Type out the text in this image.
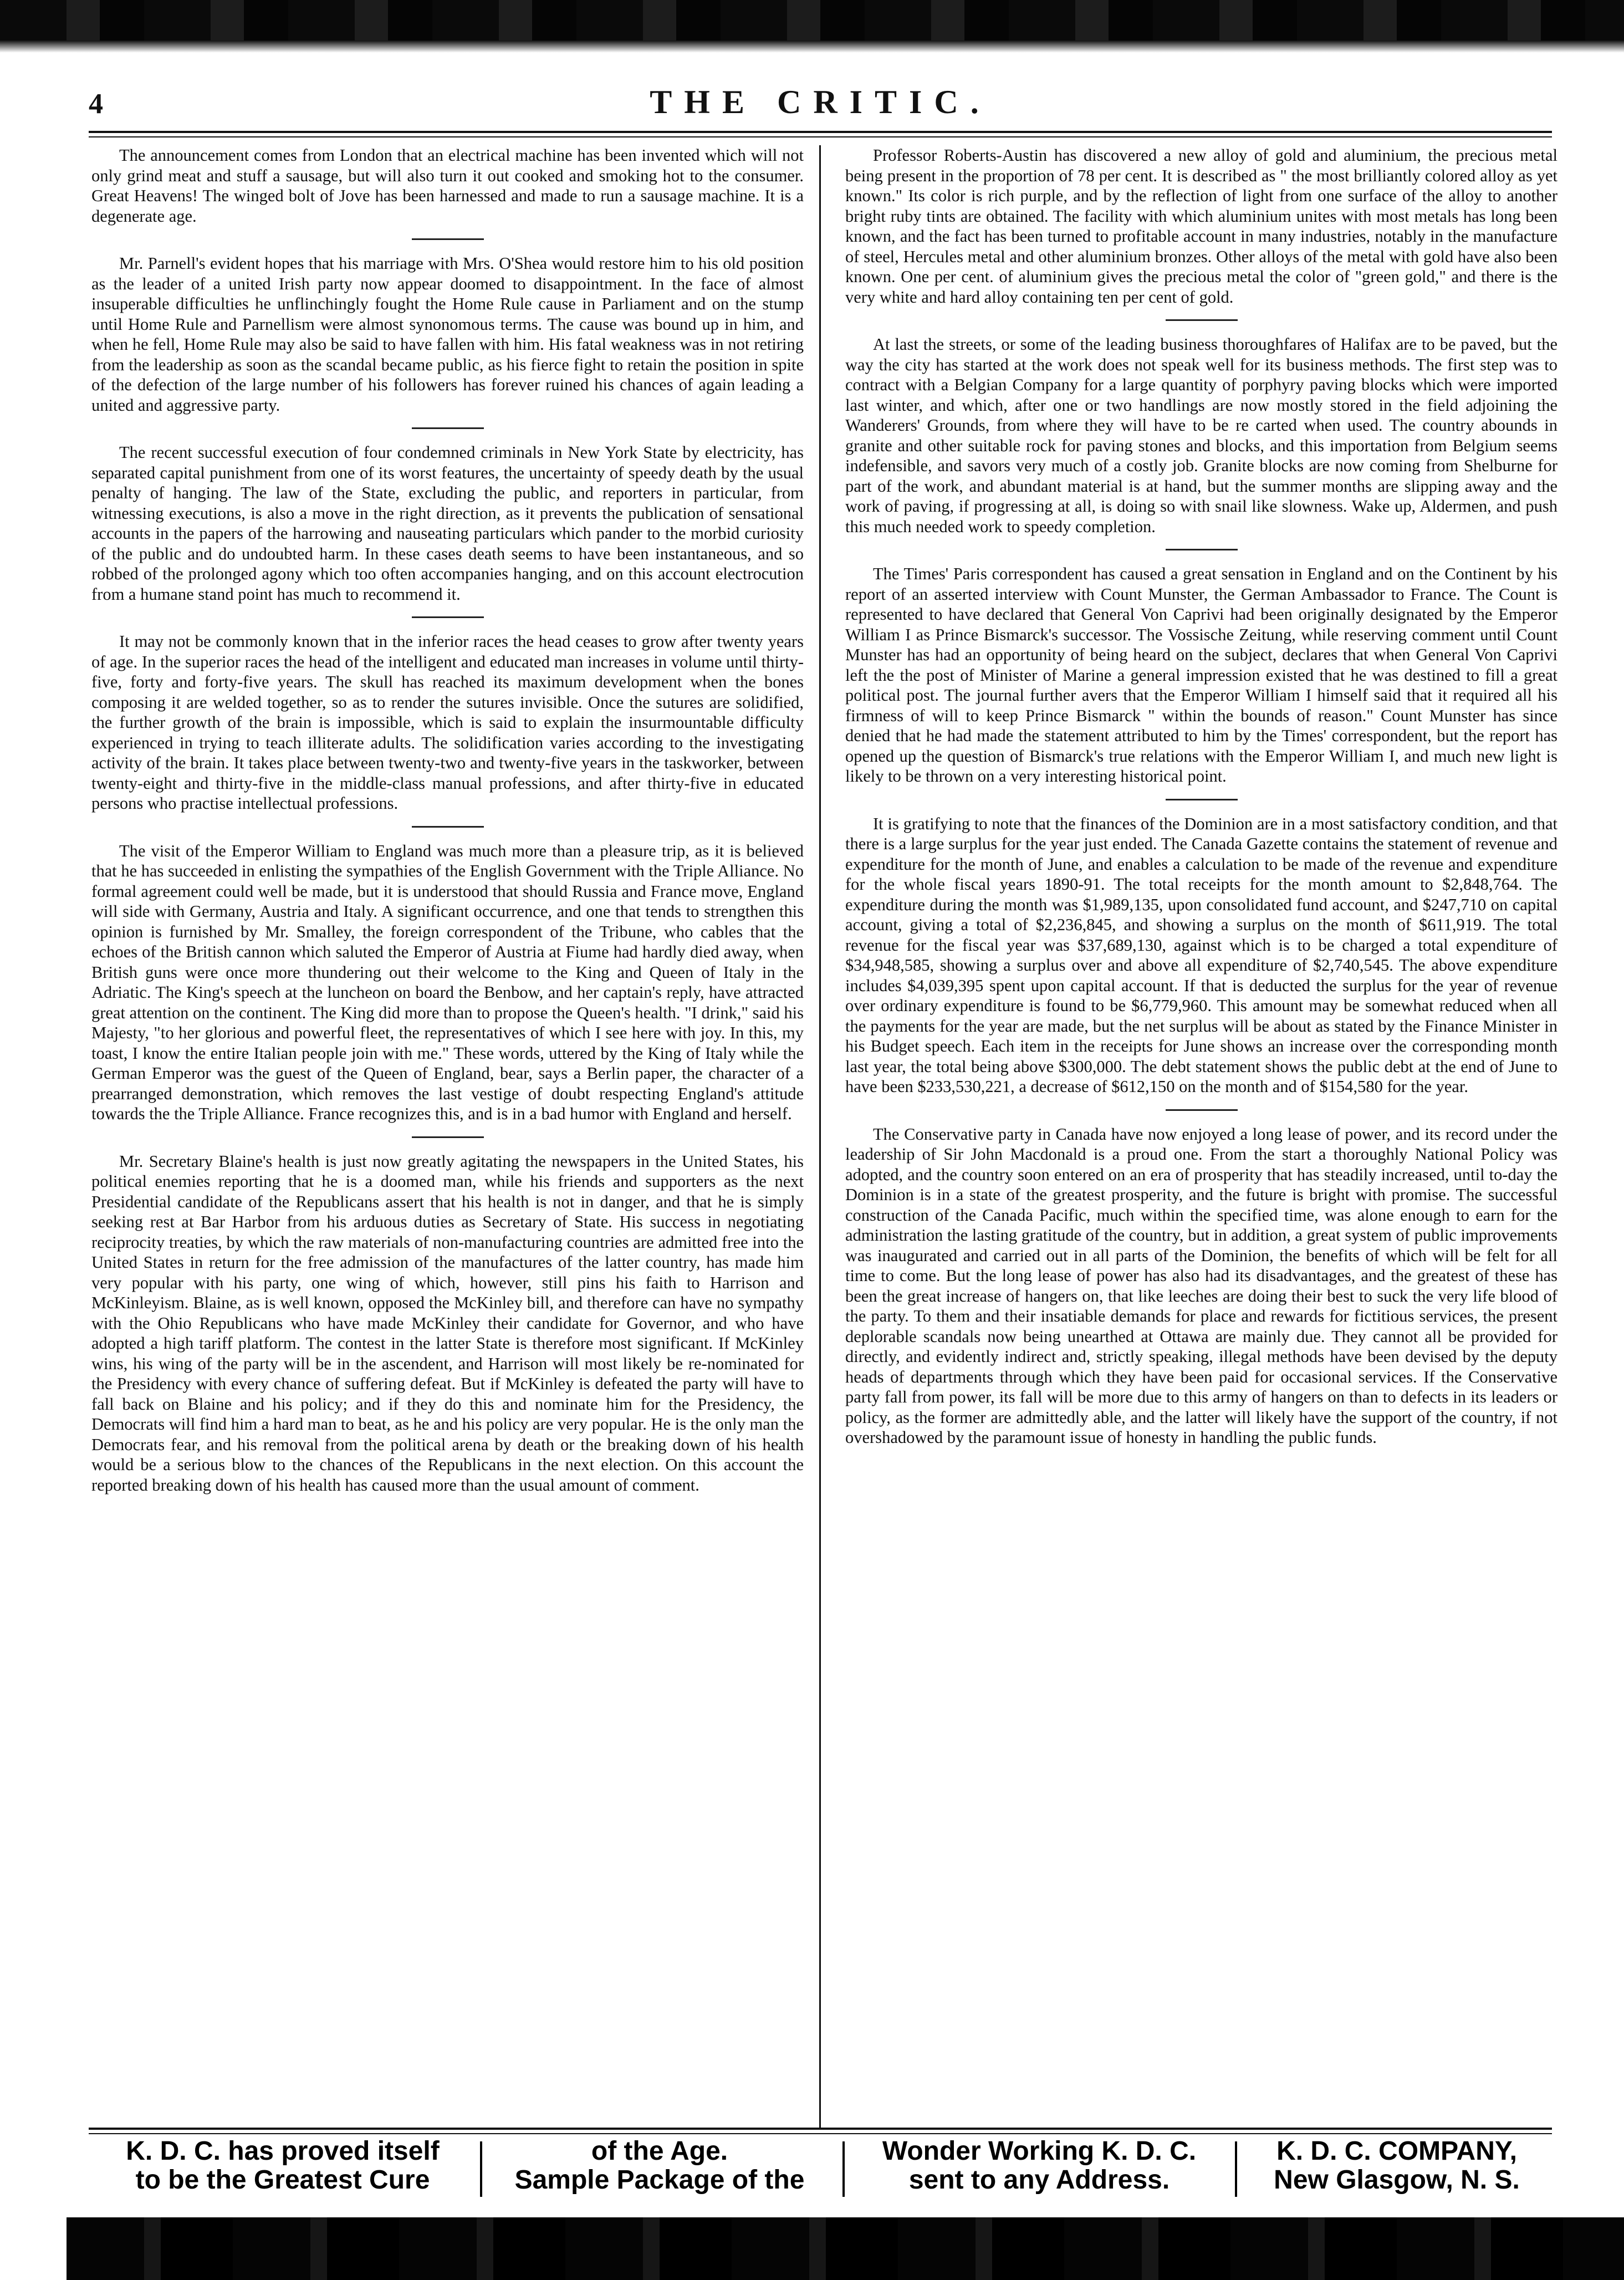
4	THE CRITIC.

The announcement comes from London that an electrical machine has been invented which will not only grind meat and stuff a sausage, but will also turn it out cooked and smoking hot to the consumer. Great Heavens! The winged bolt of Jove has been harnessed and made to run a sausage machine. It is a degenerate age.

Mr. Parnell's evident hopes that his marriage with Mrs. O'Shea would restore him to his old position as the leader of a united Irish party now appear doomed to disappointment. In the face of almost insuperable difficulties he unflinchingly fought the Home Rule cause in Parliament and on the stump until Home Rule and Parnellism were almost synonomous terms. The cause was bound up in him, and when he fell, Home Rule may also be said to have fallen with him. His fatal weakness was in not retiring from the leadership as soon as the scandal became public, as his fierce fight to retain the position in spite of the defection of the large number of his followers has forever ruined his chances of again leading a united and aggressive party.

The recent successful execution of four condemned criminals in New York State by electricity, has separated capital punishment from one of its worst features, the uncertainty of speedy death by the usual penalty of hanging. The law of the State, excluding the public, and reporters in particular, from witnessing executions, is also a move in the right direction, as it prevents the publication of sensational accounts in the papers of the harrowing and nauseating particulars which pander to the morbid curiosity of the public and do undoubted harm. In these cases death seems to have been instantaneous, and so robbed of the prolonged agony which too often accompanies hanging, and on this account electrocution from a humane stand point has much to recommend it.

It may not be commonly known that in the inferior races the head ceases to grow after twenty years of age. In the superior races the head of the intelligent and educated man increases in volume until thirty-five, forty and forty-five years. The skull has reached its maximum development when the bones composing it are welded together, so as to render the sutures invisible. Once the sutures are solidified, the further growth of the brain is impossible, which is said to explain the insurmountable difficulty experienced in trying to teach illiterate adults. The solidification varies according to the investigating activity of the brain. It takes place between twenty-two and twenty-five years in the taskworker, between twenty-eight and thirty-five in the middle-class manual professions, and after thirty-five in educated persons who practise intellectual professions.

The visit of the Emperor William to England was much more than a pleasure trip, as it is believed that he has succeeded in enlisting the sympathies of the English Government with the Triple Alliance. No formal agreement could well be made, but it is understood that should Russia and France move, England will side with Germany, Austria and Italy. A significant occurrence, and one that tends to strengthen this opinion is furnished by Mr. Smalley, the foreign correspondent of the Tribune, who cables that the echoes of the British cannon which saluted the Emperor of Austria at Fiume had hardly died away, when British guns were once more thundering out their welcome to the King and Queen of Italy in the Adriatic. The King's speech at the luncheon on board the Benbow, and her captain's reply, have attracted great attention on the continent. The King did more than to propose the Queen's health. "I drink," said his Majesty, "to her glorious and powerful fleet, the representatives of which I see here with joy. In this, my toast, I know the entire Italian people join with me." These words, uttered by the King of Italy while the German Emperor was the guest of the Queen of England, bear, says a Berlin paper, the character of a prearranged demonstration, which removes the last vestige of doubt respecting England's attitude towards the the Triple Alliance. France recognizes this, and is in a bad humor with England and herself.

Mr. Secretary Blaine's health is just now greatly agitating the newspapers in the United States, his political enemies reporting that he is a doomed man, while his friends and supporters as the next Presidential candidate of the Republicans assert that his health is not in danger, and that he is simply seeking rest at Bar Harbor from his arduous duties as Secretary of State. His success in negotiating reciprocity treaties, by which the raw materials of non-manufacturing countries are admitted free into the United States in return for the free admission of the manufactures of the latter country, has made him very popular with his party, one wing of which, however, still pins his faith to Harrison and McKinleyism. Blaine, as is well known, opposed the McKinley bill, and therefore can have no sympathy with the Ohio Republicans who have made McKinley their candidate for Governor, and who have adopted a high tariff platform. The contest in the latter State is therefore most significant. If McKinley wins, his wing of the party will be in the ascendent, and Harrison will most likely be re-nominated for the Presidency with every chance of suffering defeat. But if McKinley is defeated the party will have to fall back on Blaine and his policy; and if they do this and nominate him for the Presidency, the Democrats will find him a hard man to beat, as he and his policy are very popular. He is the only man the Democrats fear, and his removal from the political arena by death or the breaking down of his health would be a serious blow to the chances of the Republicans in the next election. On this account the reported breaking down of his health has caused more than the usual amount of comment.

Professor Roberts-Austin has discovered a new alloy of gold and aluminium, the precious metal being present in the proportion of 78 per cent. It is described as " the most brilliantly colored alloy as yet known." Its color is rich purple, and by the reflection of light from one surface of the alloy to another bright ruby tints are obtained. The facility with which aluminium unites with most metals has long been known, and the fact has been turned to profitable account in many industries, notably in the manufacture of steel, Hercules metal and other aluminium bronzes. Other alloys of the metal with gold have also been known. One per cent. of aluminium gives the precious metal the color of "green gold," and there is the very white and hard alloy containing ten per cent of gold.

At last the streets, or some of the leading business thoroughfares of Halifax are to be paved, but the way the city has started at the work does not speak well for its business methods. The first step was to contract with a Belgian Company for a large quantity of porphyry paving blocks which were imported last winter, and which, after one or two handlings are now mostly stored in the field adjoining the Wanderers' Grounds, from where they will have to be re carted when used. The country abounds in granite and other suitable rock for paving stones and blocks, and this importation from Belgium seems indefensible, and savors very much of a costly job. Granite blocks are now coming from Shelburne for part of the work, and abundant material is at hand, but the summer months are slipping away and the work of paving, if progressing at all, is doing so with snail like slowness. Wake up, Aldermen, and push this much needed work to speedy completion.

The Times' Paris correspondent has caused a great sensation in England and on the Continent by his report of an asserted interview with Count Munster, the German Ambassador to France. The Count is represented to have declared that General Von Caprivi had been originally designated by the Emperor William I as Prince Bismarck's successor. The Vossische Zeitung, while reserving comment until Count Munster has had an opportunity of being heard on the subject, declares that when General Von Caprivi left the the post of Minister of Marine a general impression existed that he was destined to fill a great political post. The journal further avers that the Emperor William I himself said that it required all his firmness of will to keep Prince Bismarck " within the bounds of reason." Count Munster has since denied that he had made the statement attributed to him by the Times' correspondent, but the report has opened up the question of Bismarck's true relations with the Emperor William I, and much new light is likely to be thrown on a very interesting historical point.

It is gratifying to note that the finances of the Dominion are in a most satisfactory condition, and that there is a large surplus for the year just ended. The Canada Gazette contains the statement of revenue and expenditure for the month of June, and enables a calculation to be made of the revenue and expenditure for the whole fiscal years 1890-91. The total receipts for the month amount to $2,848,764. The expenditure during the month was $1,989,135, upon consolidated fund account, and $247,710 on capital account, giving a total of $2,236,845, and showing a surplus on the month of $611,919. The total revenue for the fiscal year was $37,689,130, against which is to be charged a total expenditure of $34,948,585, showing a surplus over and above all expenditure of $2,740,545. The above expenditure includes $4,039,395 spent upon capital account. If that is deducted the surplus for the year of revenue over ordinary expenditure is found to be $6,779,960. This amount may be somewhat reduced when all the payments for the year are made, but the net surplus will be about as stated by the Finance Minister in his Budget speech. Each item in the receipts for June shows an increase over the corresponding month last year, the total being above $300,000. The debt statement shows the public debt at the end of June to have been $233,530,221, a decrease of $612,150 on the month and of $154,580 for the year.

The Conservative party in Canada have now enjoyed a long lease of power, and its record under the leadership of Sir John Macdonald is a proud one. From the start a thoroughly National Policy was adopted, and the country soon entered on an era of prosperity that has steadily increased, until to-day the Dominion is in a state of the greatest prosperity, and the future is bright with promise. The successful construction of the Canada Pacific, much within the specified time, was alone enough to earn for the administration the lasting gratitude of the country, but in addition, a great system of public improvements was inaugurated and carried out in all parts of the Dominion, the benefits of which will be felt for all time to come. But the long lease of power has also had its disadvantages, and the greatest of these has been the great increase of hangers on, that like leeches are doing their best to suck the very life blood of the party. To them and their insatiable demands for place and rewards for fictitious services, the present deplorable scandals now being unearthed at Ottawa are mainly due. They cannot all be provided for directly, and evidently indirect and, strictly speaking, illegal methods have been devised by the deputy heads of departments through which they have been paid for occasional services. If the Conservative party fall from power, its fall will be more due to this army of hangers on than to defects in its leaders or policy, as the former are admittedly able, and the latter will likely have the support of the country, if not overshadowed by the paramount issue of honesty in handling the public funds.

K. D. C. has proved itself
to be the Greatest Cure
of the Age.
Sample Package of the
Wonder Working K. D. C.
sent to any Address.
K. D. C. COMPANY,
New Glasgow, N. S.
